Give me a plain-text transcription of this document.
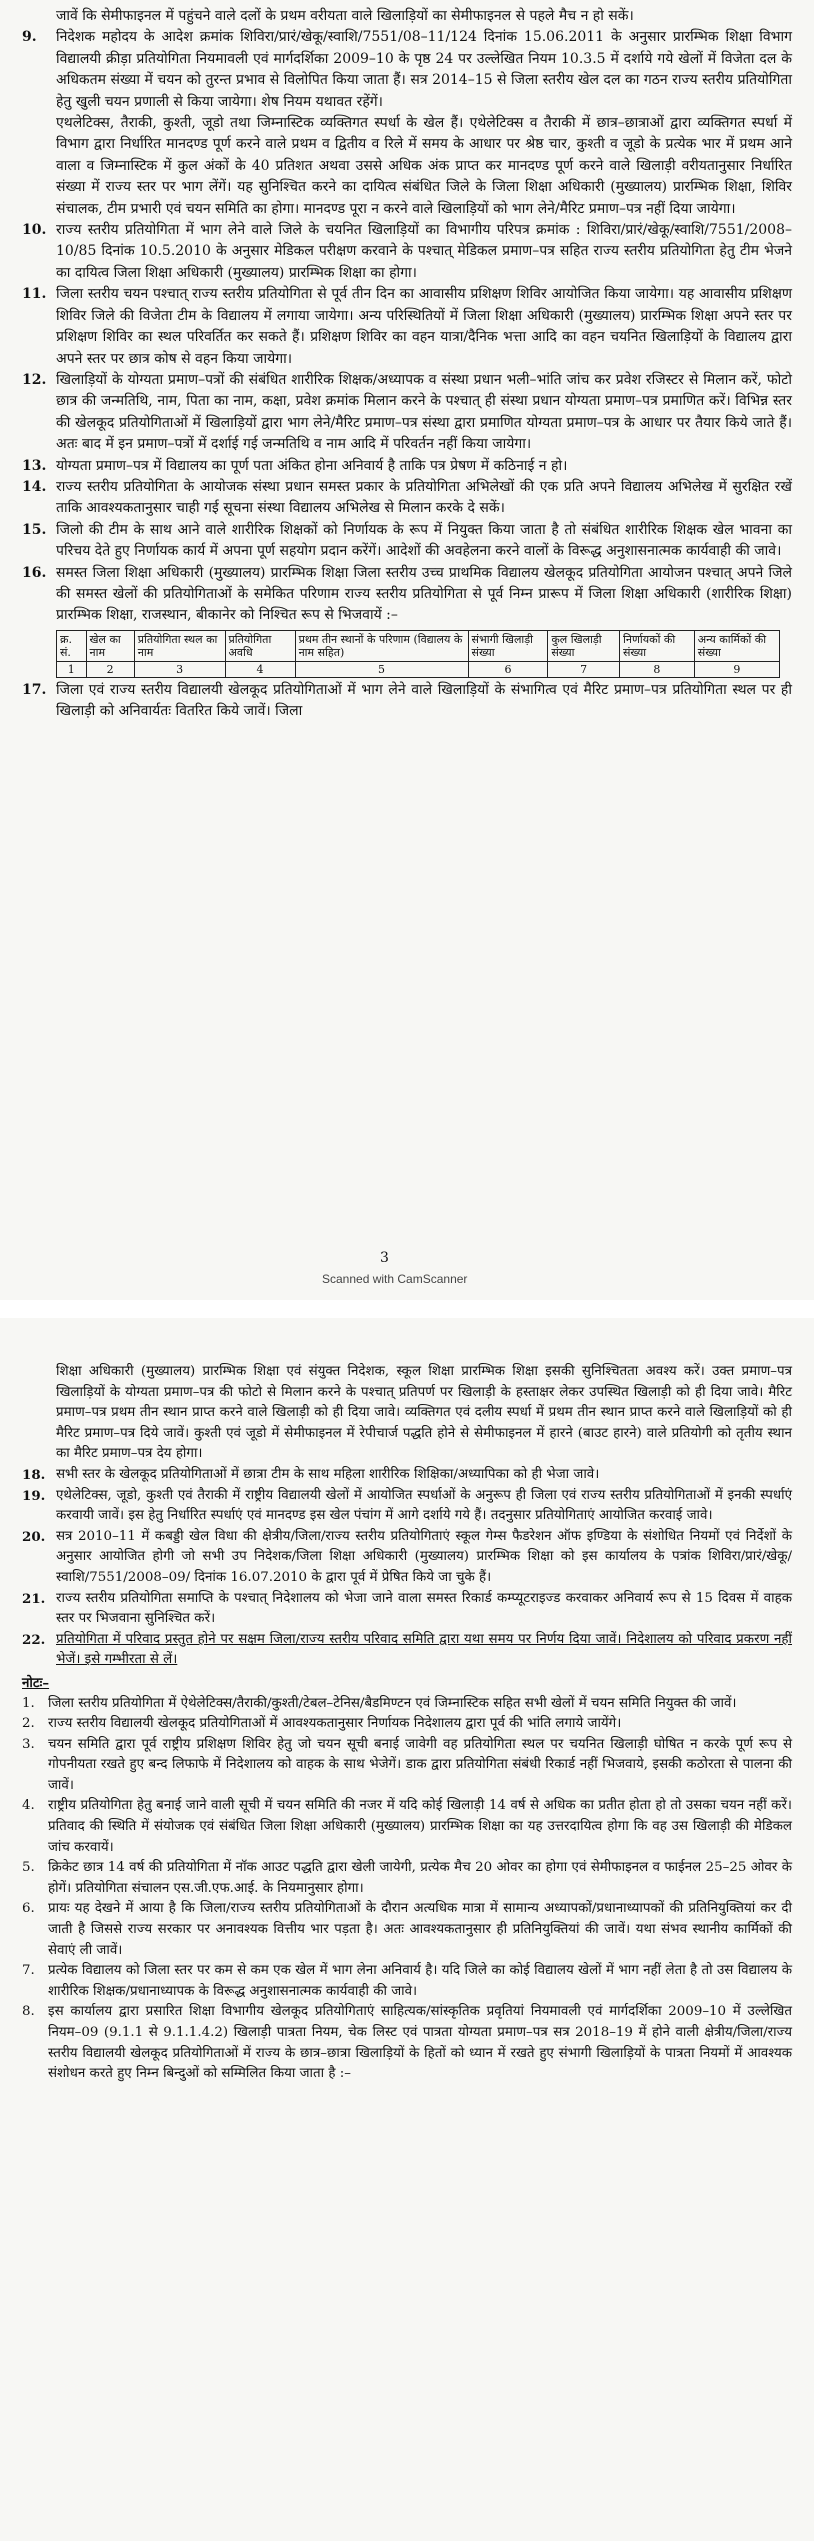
जावें कि सेमीफाइनल में पहुंचने वाले दलों के प्रथम वरीयता वाले खिलाड़ियों का सेमीफाइनल से पहले मैच न हो सकें।

9.	निदेशक महोदय के आदेश क्रमांक शिविरा/प्रारं/खेकू/स्वाशि/7551/08–11/124 दिनांक 15.06.2011 के अनुसार प्रारम्भिक शिक्षा विभाग विद्यालयी क्रीड़ा प्रतियोगिता नियमावली एवं मार्गदर्शिका 2009–10 के पृष्ठ 24 पर उल्लेखित नियम 10.3.5 में दर्शाये गये खेलों में विजेता दल के अधिकतम संख्या में चयन को तुरन्त प्रभाव से विलोपित किया जाता हैं। सत्र 2014–15 से जिला स्तरीय खेल दल का गठन राज्य स्तरीय प्रतियोगिता हेतु खुली चयन प्रणाली से किया जायेगा। शेष नियम यथावत रहेंगें।

एथलेटिक्स, तैराकी, कुश्ती, जूडो तथा जिम्नास्टिक व्यक्तिगत स्पर्धा के खेल हैं। एथेलेटिक्स व तैराकी में छात्र–छात्राओं द्वारा व्यक्तिगत स्पर्धा में विभाग द्वारा निर्धारित मानदण्ड पूर्ण करने वाले प्रथम व द्वितीय व रिले में समय के आधार पर श्रेष्ठ चार, कुश्ती व जूडो के प्रत्येक भार में प्रथम आने वाला व जिम्नास्टिक में कुल अंकों के 40 प्रतिशत अथवा उससे अधिक अंक प्राप्त कर मानदण्ड पूर्ण करने वाले खिलाड़ी वरीयतानुसार निर्धारित संख्या में राज्य स्तर पर भाग लेंगें। यह सुनिश्चित करने का दायित्व संबंधित जिले के जिला शिक्षा अधिकारी (मुख्यालय) प्रारम्भिक शिक्षा, शिविर संचालक, टीम प्रभारी एवं चयन समिति का होगा। मानदण्ड पूरा न करने वाले खिलाड़ियों को भाग लेने/मैरिट प्रमाण–पत्र नहीं दिया जायेगा।

10. राज्य स्तरीय प्रतियोगिता में भाग लेने वाले जिले के चयनित खिलाड़ियों का विभागीय परिपत्र क्रमांक : शिविरा/प्रारं/खेकू/स्वाशि/7551/2008–10/85 दिनांक 10.5.2010 के अनुसार मेडिकल परीक्षण करवाने के पश्चात् मेडिकल प्रमाण–पत्र सहित राज्य स्तरीय प्रतियोगिता हेतु टीम भेजने का दायित्व जिला शिक्षा अधिकारी (मुख्यालय) प्रारम्भिक शिक्षा का होगा।
11. जिला स्तरीय चयन पश्चात् राज्य स्तरीय प्रतियोगिता से पूर्व तीन दिन का आवासीय प्रशिक्षण शिविर आयोजित किया जायेगा। यह आवासीय प्रशिक्षण शिविर जिले की विजेता टीम के विद्यालय में लगाया जायेगा। अन्य परिस्थितियों में जिला शिक्षा अधिकारी (मुख्यालय) प्रारम्भिक शिक्षा अपने स्तर पर प्रशिक्षण शिविर का स्थल परिवर्तित कर सकते हैं। प्रशिक्षण शिविर का वहन यात्रा/दैनिक भत्ता आदि का वहन चयनित खिलाड़ियों के विद्यालय द्वारा अपने स्तर पर छात्र कोष से वहन किया जायेगा।
12. खिलाड़ियों के योग्यता प्रमाण–पत्रों की संबंधित शारीरिक शिक्षक/अध्यापक व संस्था प्रधान भली–भांति जांच कर प्रवेश रजिस्टर से मिलान करें, फोटो छात्र की जन्मतिथि, नाम, पिता का नाम, कक्षा, प्रवेश क्रमांक मिलान करने के पश्चात् ही संस्था प्रधान योग्यता प्रमाण–पत्र प्रमाणित करें। विभिन्न स्तर की खेलकूद प्रतियोगिताओं में खिलाड़ियों द्वारा भाग लेने/मैरिट प्रमाण–पत्र संस्था द्वारा प्रमाणित योग्यता प्रमाण–पत्र के आधार पर तैयार किये जाते हैं। अतः बाद में इन प्रमाण–पत्रों में दर्शाई गई जन्मतिथि व नाम आदि में परिवर्तन नहीं किया जायेगा।
13. योग्यता प्रमाण–पत्र में विद्यालय का पूर्ण पता अंकित होना अनिवार्य है ताकि पत्र प्रेषण में कठिनाई न हो।
14. राज्य स्तरीय प्रतियोगिता के आयोजक संस्था प्रधान समस्त प्रकार के प्रतियोगिता अभिलेखों की एक प्रति अपने विद्यालय अभिलेख में सुरक्षित रखें ताकि आवश्यकतानुसार चाही गई सूचना संस्था विद्यालय अभिलेख से मिलान करके दे सकें।
15. जिलो की टीम के साथ आने वाले शारीरिक शिक्षकों को निर्णायक के रूप में नियुक्त किया जाता है तो संबंधित शारीरिक शिक्षक खेल भावना का परिचय देते हुए निर्णायक कार्य में अपना पूर्ण सहयोग प्रदान करेंगें। आदेशों की अवहेलना करने वालों के विरूद्ध अनुशासनात्मक कार्यवाही की जावे।
16. समस्त जिला शिक्षा अधिकारी (मुख्यालय) प्रारम्भिक शिक्षा जिला स्तरीय उच्च प्राथमिक विद्यालय खेलकूद प्रतियोगिता आयोजन पश्चात् अपने जिले की समस्त खेलों की प्रतियोगिताओं के समेकित परिणाम राज्य स्तरीय प्रतियोगिता से पूर्व निम्न प्रारूप में जिला शिक्षा अधिकारी (शारीरिक शिक्षा) प्रारम्भिक शिक्षा, राजस्थान, बीकानेर को निश्चित रूप से भिजवायें :–
क्र. सं.	खेल का नाम	प्रतियोगिता स्थल का नाम	प्रतियोगिता अवधि	प्रथम तीन स्थानों के परिणाम (विद्यालय के नाम सहित)	संभागी खिलाड़ी संख्या	कुल खिलाड़ी संख्या	निर्णायकों की संख्या	अन्य कार्मिकों की संख्या
1	2	3	4	5	6	7	8	9
17. जिला एवं राज्य स्तरीय विद्यालयी खेलकूद प्रतियोगिताओं में भाग लेने वाले खिलाड़ियों के संभागित्व एवं मैरिट प्रमाण–पत्र प्रतियोगिता स्थल पर ही खिलाड़ी को अनिवार्यतः वितरित किये जावें। जिला
3
Scanned with CamScanner

शिक्षा अधिकारी (मुख्यालय) प्रारम्भिक शिक्षा एवं संयुक्त निदेशक, स्कूल शिक्षा प्रारम्भिक शिक्षा इसकी सुनिश्चितता अवश्य करें। उक्त प्रमाण–पत्र खिलाड़ियों के योग्यता प्रमाण–पत्र की फोटो से मिलान करने के पश्चात् प्रतिपर्ण पर खिलाड़ी के हस्ताक्षर लेकर उपस्थित खिलाड़ी को ही दिया जावे। मैरिट प्रमाण–पत्र प्रथम तीन स्थान प्राप्त करने वाले खिलाड़ी को ही दिया जावे। व्यक्तिगत एवं दलीय स्पर्धा में प्रथम तीन स्थान प्राप्त करने वाले खिलाड़ियों को ही मैरिट प्रमाण–पत्र दिये जावें। कुश्ती एवं जूडो में सेमीफाइनल में रेपीचार्ज पद्धति होने से सेमीफाइनल में हारने (बाउट हारने) वाले प्रतियोगी को तृतीय स्थान का मैरिट प्रमाण–पत्र देय होगा।

18. सभी स्तर के खेलकूद प्रतियोगिताओं में छात्रा टीम के साथ महिला शारीरिक शिक्षिका/अध्यापिका को ही भेजा जावे।
19. एथेलेटिक्स, जूडो, कुश्ती एवं तैराकी में राष्ट्रीय विद्यालयी खेलों में आयोजित स्पर्धाओं के अनुरूप ही जिला एवं राज्य स्तरीय प्रतियोगिताओं में इनकी स्पर्धाएं करवायी जावें। इस हेतु निर्धारित स्पर्धाएं एवं मानदण्ड इस खेल पंचांग में आगे दर्शाये गये हैं। तदनुसार प्रतियोगिताएं आयोजित करवाई जावे।
20. सत्र 2010–11 में कबड्डी खेल विधा की क्षेत्रीय/जिला/राज्य स्तरीय प्रतियोगिताएं स्कूल गेम्स फैडरेशन ऑफ इण्डिया के संशोधित नियमों एवं निर्देशों के अनुसार आयोजित होगी जो सभी उप निदेशक/जिला शिक्षा अधिकारी (मुख्यालय) प्रारम्भिक शिक्षा को इस कार्यालय के पत्रांक शिविरा/प्रारं/खेकू/स्वाशि/7551/2008–09/ दिनांक 16.07.2010 के द्वारा पूर्व में प्रेषित किये जा चुके हैं।
21. राज्य स्तरीय प्रतियोगिता समाप्ति के पश्चात् निदेशालय को भेजा जाने वाला समस्त रिकार्ड कम्प्यूटराइज्ड करवाकर अनिवार्य रूप से 15 दिवस में वाहक स्तर पर भिजवाना सुनिश्चित करें।
22. प्रतियोगिता में परिवाद प्रस्तुत होने पर सक्षम जिला/राज्य स्तरीय परिवाद समिति द्वारा यथा समय पर निर्णय दिया जावें। निदेशालय को परिवाद प्रकरण नहीं भेजें। इसे गम्भीरता से लें।
नोटः–
1. जिला स्तरीय प्रतियोगिता में ऐथेलेटिक्स/तैराकी/कुश्ती/टेबल–टेनिस/बैडमिण्टन एवं जिम्नास्टिक सहित सभी खेलों में चयन समिति नियुक्त की जावें।
2. राज्य स्तरीय विद्यालयी खेलकूद प्रतियोगिताओं में आवश्यकतानुसार निर्णायक निदेशालय द्वारा पूर्व की भांति लगाये जायेंगे।
3. चयन समिति द्वारा पूर्व राष्ट्रीय प्रशिक्षण शिविर हेतु जो चयन सूची बनाई जावेगी वह प्रतियोगिता स्थल पर चयनित खिलाड़ी घोषित न करके पूर्ण रूप से गोपनीयता रखते हुए बन्द लिफाफे में निदेशालय को वाहक के साथ भेजेगें। डाक द्वारा प्रतियोगिता संबंधी रिकार्ड नहीं भिजवाये, इसकी कठोरता से पालना की जावें।
4. राष्ट्रीय प्रतियोगिता हेतु बनाई जाने वाली सूची में चयन समिति की नजर में यदि कोई खिलाड़ी 14 वर्ष से अधिक का प्रतीत होता हो तो उसका चयन नहीं करें। प्रतिवाद की स्थिति में संयोजक एवं संबंधित जिला शिक्षा अधिकारी (मुख्यालय) प्रारम्भिक शिक्षा का यह उत्तरदायित्व होगा कि वह उस खिलाड़ी की मेडिकल जांच करवायें।
5. क्रिकेट छात्र 14 वर्ष की प्रतियोगिता में नॉक आउट पद्धति द्वारा खेली जायेगी, प्रत्येक मैच 20 ओवर का होगा एवं सेमीफाइनल व फाईनल 25–25 ओवर के होगें। प्रतियोगिता संचालन एस.जी.एफ.आई. के नियमानुसार होगा।
6. प्रायः यह देखने में आया है कि जिला/राज्य स्तरीय प्रतियोगिताओं के दौरान अत्यधिक मात्रा में सामान्य अध्यापकों/प्रधानाध्यापकों की प्रतिनियुक्तियां कर दी जाती है जिससे राज्य सरकार पर अनावश्यक वित्तीय भार पड़ता है। अतः आवश्यकतानुसार ही प्रतिनियुक्तियां की जावें। यथा संभव स्थानीय कार्मिकों की सेवाएं ली जावें।
7. प्रत्येक विद्यालय को जिला स्तर पर कम से कम एक खेल में भाग लेना अनिवार्य है। यदि जिले का कोई विद्यालय खेलों में भाग नहीं लेता है तो उस विद्यालय के शारीरिक शिक्षक/प्रधानाध्यापक के विरूद्ध अनुशासनात्मक कार्यवाही की जावे।
8. इस कार्यालय द्वारा प्रसारित शिक्षा विभागीय खेलकूद प्रतियोगिताएं साहित्यक/सांस्कृतिक प्रवृतियां नियमावली एवं मार्गदर्शिका 2009–10 में उल्लेखित नियम–09 (9.1.1 से 9.1.1.4.2) खिलाड़ी पात्रता नियम, चेक लिस्ट एवं पात्रता योग्यता प्रमाण–पत्र सत्र 2018–19 में होने वाली क्षेत्रीय/जिला/राज्य स्तरीय विद्यालयी खेलकूद प्रतियोगिताओं में राज्य के छात्र–छात्रा खिलाड़ियों के हितों को ध्यान में रखते हुए संभागी खिलाड़ियों के पात्रता नियमों में आवश्यक संशोधन करते हुए निम्न बिन्दुओं को सम्मिलित किया जाता है :–
